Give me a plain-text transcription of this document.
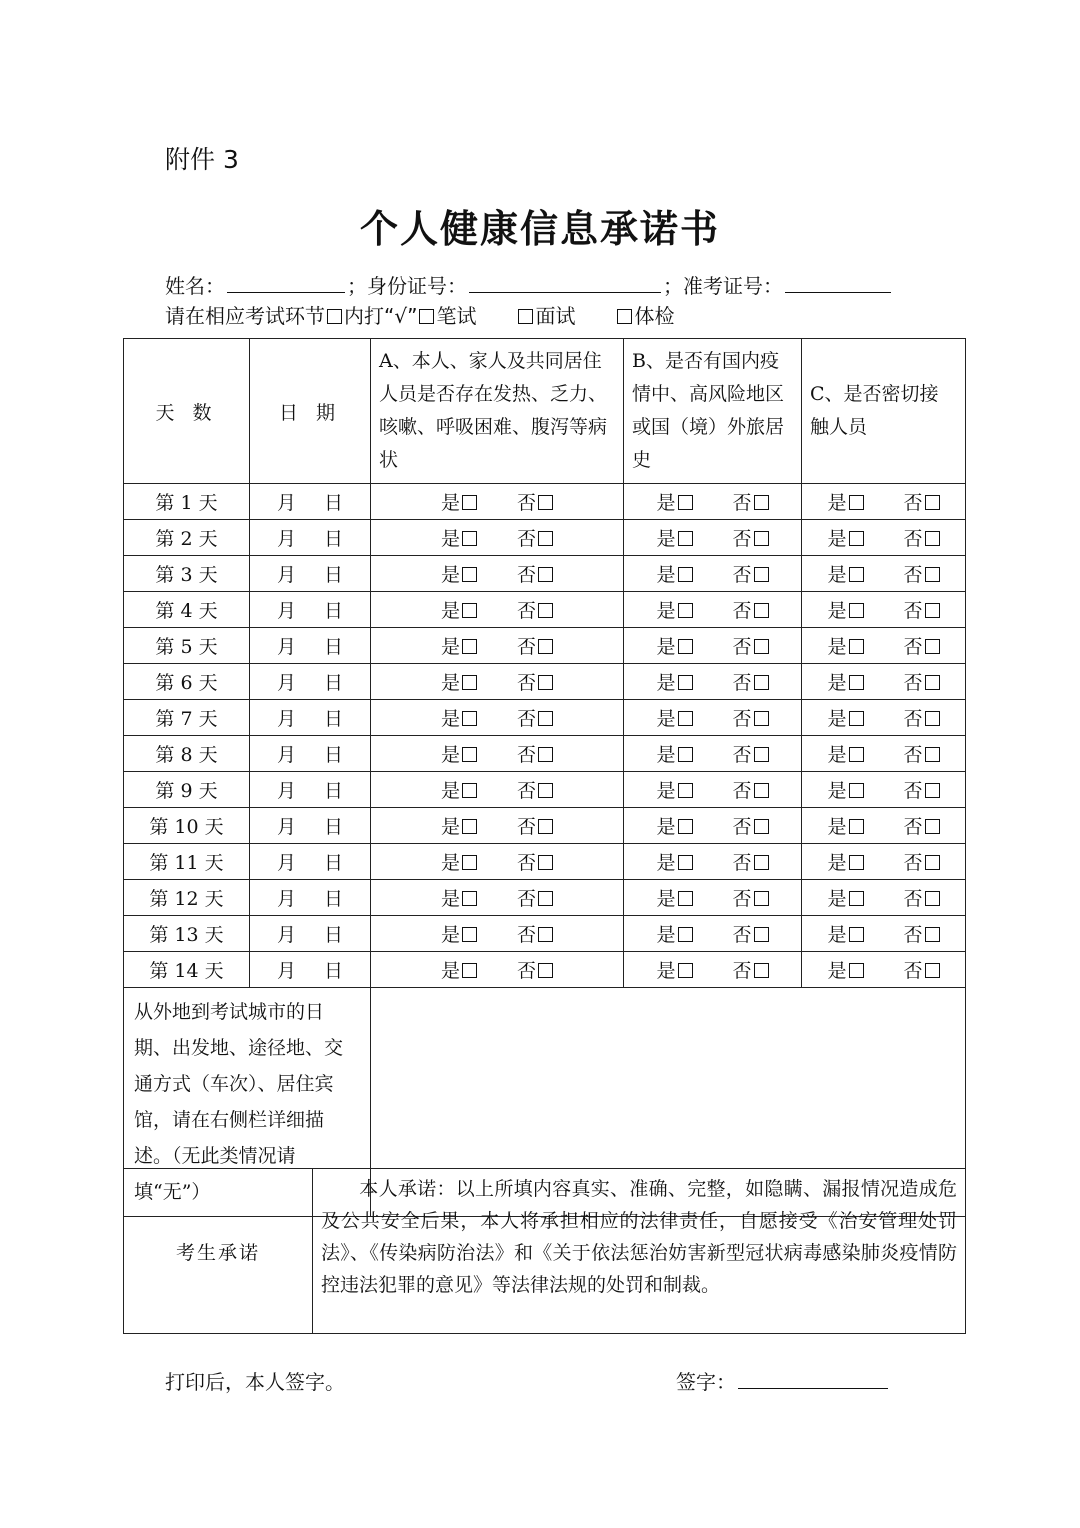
附件 3
个人健康信息承诺书
姓名：	；身份证号：	；准考证号：
请在相应考试环节 内打“√” 笔试	面试	体检
天 数	日 期	A、本人、家人及共同居住人员是否存在发热、乏力、咳嗽、呼吸困难、腹泻等病状	B、是否有国内疫情中、高风险地区或国（境）外旅居史	C、是否密切接触人员
第 1 天	月 日	是 否	是 否	是 否
第 2 天	月 日	是 否	是 否	是 否
第 3 天	月 日	是 否	是 否	是 否
第 4 天	月 日	是 否	是 否	是 否
第 5 天	月 日	是 否	是 否	是 否
第 6 天	月 日	是 否	是 否	是 否
第 7 天	月 日	是 否	是 否	是 否
第 8 天	月 日	是 否	是 否	是 否
第 9 天	月 日	是 否	是 否	是 否
第 10 天	月 日	是 否	是 否	是 否
第 11 天	月 日	是 否	是 否	是 否
第 12 天	月 日	是 否	是 否	是 否
第 13 天	月 日	是 否	是 否	是 否
第 14 天	月 日	是 否	是 否	是 否
从外地到考试城市的日期、出发地、途径地、交通方式（车次）、居住宾馆，请在右侧栏详细描述。（无此类情况请填“无”）				
考生承诺	本人承诺：以上所填内容真实、准确、完整，如隐瞒、漏报情况造成危及公共安全后果，本人将承担相应的法律责任，自愿接受《治安管理处罚法》、《传染病防治法》和《关于依法惩治妨害新型冠状病毒感染肺炎疫情防控违法犯罪的意见》等法律法规的处罚和制裁。
打印后，本人签字。	签字：
